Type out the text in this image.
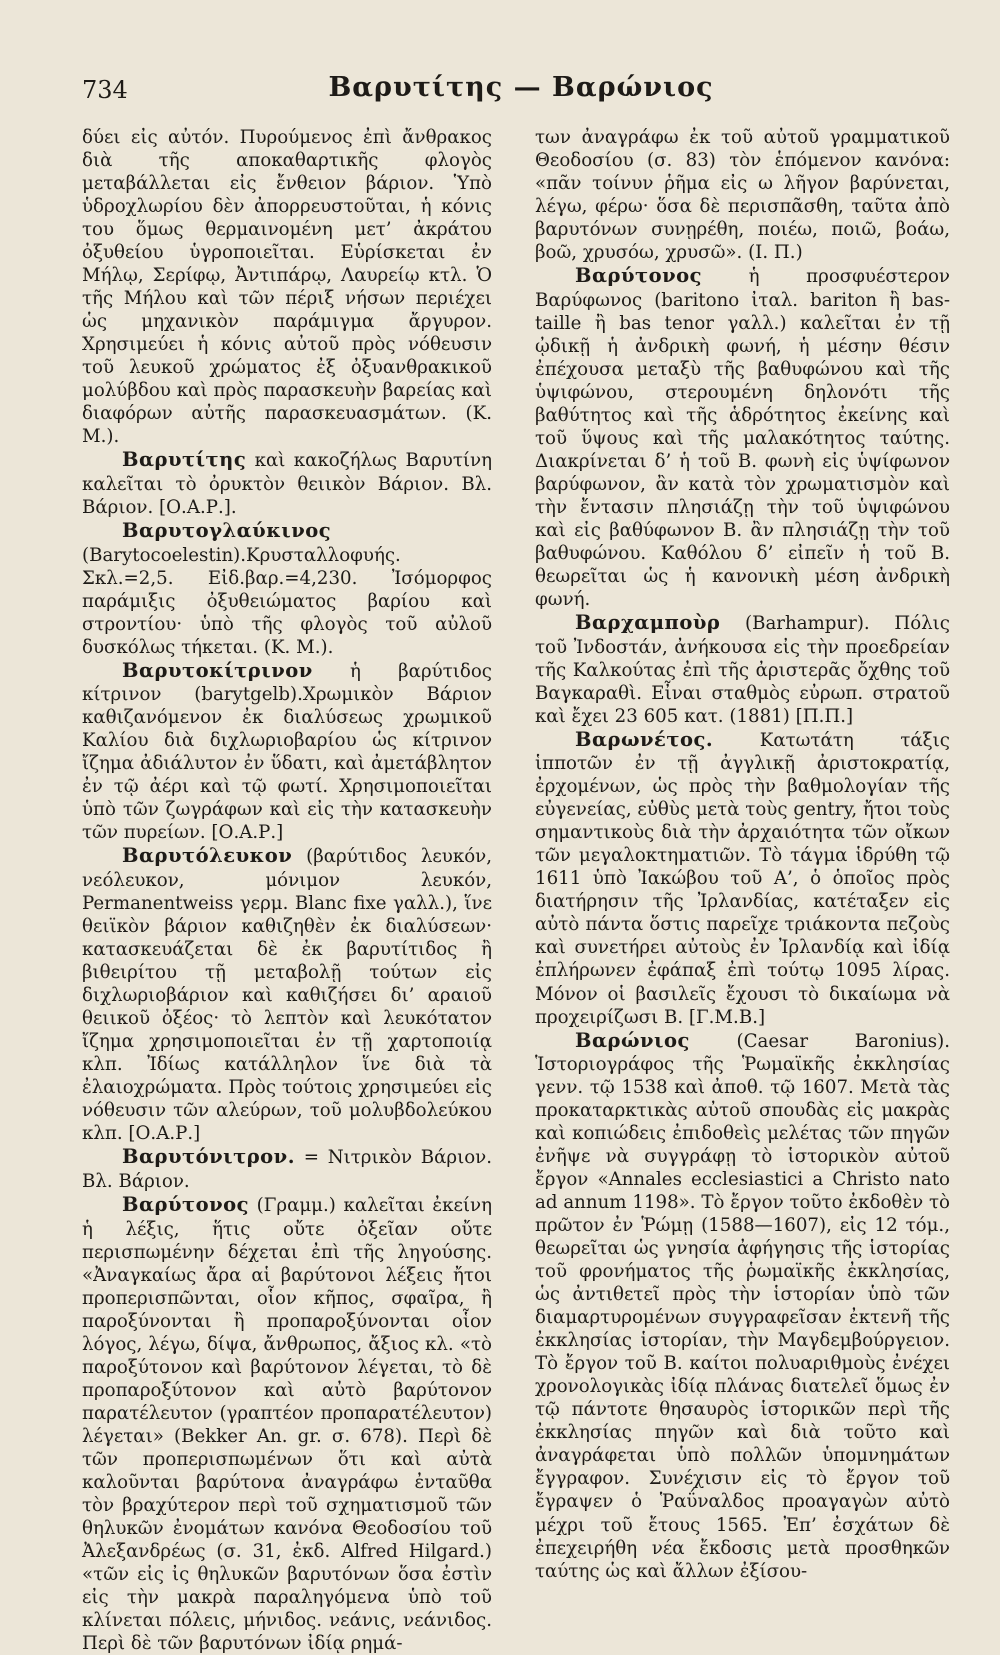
734	Βαρυτίτης — Βαρώνιος

δύει εἰς αὐτόν. Πυρούμενος ἐπὶ ἄνθρακος διὰ τῆς αποκαθαρτικῆς φλογὸς μεταβάλλεται εἰς ἔνθειον βάριον. Ὑπὸ ὑδροχλωρίου δὲν ἀπορρευστοῦται, ἡ κόνις του ὅμως θερμαινομένη μετ’ ἀκράτου ὀξυθείου ὑγροποιεῖται. Εὑρίσκεται ἐν Μήλῳ, Σερίφῳ, Ἀντιπάρῳ, Λαυρείῳ κτλ. Ὁ τῆς Μήλου καὶ τῶν πέριξ νήσων περιέχει ὡς μηχανικὸν παράμιγμα ἄργυρον. Χρησιμεύει ἡ κόνις αὐτοῦ πρὸς νόθευσιν τοῦ λευκοῦ χρώματος ἐξ ὀξυανθρακικοῦ μολύβδου καὶ πρὸς παρασκευὴν βαρείας καὶ διαφόρων αὐτῆς παρασκευασμάτων. (Κ. Μ.).

Βαρυτίτης καὶ κακοζήλως Βαρυτίνη καλεῖται τὸ ὀρυκτὸν θειικὸν Βάριον. Βλ. Βάριον. [Ο.Α.Ρ.].

Βαρυτογλαύκινος (Barytocoelestin).Κρυσταλλοφυής. Σκλ.=2,5. Εἰδ.βαρ.=4,230. Ἰσόμορφος παράμιξις ὀξυθειώματος βαρίου καὶ στροντίου· ὑπὸ τῆς φλογὸς τοῦ αὐλοῦ δυσκόλως τήκεται. (Κ. Μ.).

Βαρυτοκίτρινον ἡ βαρύτιδος κίτρινον (barytgelb).Χρωμικὸν Βάριον καθιζανόμενον ἐκ διαλύσεως χρωμικοῦ Καλίου διὰ διχλωριοβαρίου ὡς κίτρινον ἴζημα ἀδιάλυτον ἐν ὕδατι, καὶ ἀμετάβλητον ἐν τῷ ἀέρι καὶ τῷ φωτί. Χρησιμοποιεῖται ὑπὸ τῶν ζωγράφων καὶ εἰς τὴν κατασκευὴν τῶν πυρείων. [Ο.Α.Ρ.]

Βαρυτόλευκον (βαρύτιδος λευκόν, νεόλευκον, μόνιμον λευκόν, Permanentweiss γερμ. Blanc fixe γαλλ.), ἵνε θειϊκὸν βάριον καθιζηθὲν ἐκ διαλύσεων· κατασκευάζεται δὲ ἐκ βαρυτίτιδος ἢ βιθειρίτου τῇ μεταβολῇ τούτων εἰς διχλωριοβάριον καὶ καθιζήσει δι’ αραιοῦ θειικοῦ ὀξέος· τὸ λεπτὸν καὶ λευκότατον ἴζημα χρησιμοποιεῖται ἐν τῇ χαρτοποιίᾳ κλπ. Ἰδίως κατάλληλον ἵνε διὰ τὰ ἐλαιοχρώματα. Πρὸς τούτοις χρησιμεύει εἰς νόθευσιν τῶν αλεύρων, τοῦ μολυβδολεύκου κλπ. [Ο.Α.Ρ.]

Βαρυτόνιτρον. = Νιτρικὸν Βάριον. Βλ. Βάριον.

Βαρύτονος (Γραμμ.) καλεῖται ἐκείνη ἡ λέξις, ἥτις οὔτε ὀξεῖαν οὔτε περισπωμένην δέχεται ἐπὶ τῆς ληγούσης. «Ἀναγκαίως ἄρα αἱ βαρύτονοι λέξεις ἤτοι προπερισπῶνται, οἷον κῆπος, σφαῖρα, ἢ παροξύνονται ἢ προπαροξύνονται οἷον λόγος, λέγω, δίψα, ἄνθρωπος, ἄξιος κλ. «τὸ παροξύτονον καὶ βαρύτονον λέγεται, τὸ δὲ προπαροξύτονον καὶ αὐτὸ βαρύτονον παρατέλευτον (γραπτέον προπαρατέλευτον) λέγεται» (Bekker An. gr. σ. 678). Περὶ δὲ τῶν προπερισπωμένων ὅτι καὶ αὐτὰ καλοῦνται βαρύτονα ἀναγράφω ἐνταῦθα τὸν βραχύτερον περὶ τοῦ σχηματισμοῦ τῶν θηλυκῶν ἐνομάτων κανόνα Θεοδοσίου τοῦ Ἀλεξανδρέως (σ. 31, ἐκδ. Alfred Hilgard.) «τῶν εἰς ἰς θηλυκῶν βαρυτόνων ὅσα ἐστὶν εἰς τὴν μακρὰ παραληγόμενα ὑπὸ τοῦ κλίνεται πόλεις, μήνιδος. νεάνις, νεάνιδος. Περὶ δὲ τῶν βαρυτόνων ἰδίᾳ ρημά-

των ἀναγράφω ἐκ τοῦ αὐτοῦ γραμματικοῦ Θεοδοσίου (σ. 83) τὸν ἑπόμενον κανόνα: «πᾶν τοίνυν ῥῆμα εἰς ω λῆγον βαρύνεται, λέγω, φέρω· ὅσα δὲ περισπᾶσθη, ταῦτα ἀπὸ βαρυτόνων συνῃρέθη, ποιέω, ποιῶ, βοάω, βοῶ, χρυσόω, χρυσῶ». (Ι. Π.)

Βαρύτονος	ἡ προσφυέστερον Βαρύφωνος (baritono ἰταλ. bariton ἢ bas-taille ἢ bas tenor γαλλ.) καλεῖται ἐν τῇ ᾠδικῇ ἡ ἀνδρικὴ φωνή, ἡ μέσην θέσιν ἐπέχουσα μεταξὺ τῆς βαθυφώνου καὶ τῆς ὑψιφώνου, στερουμένη δηλονότι τῆς βαθύτητος καὶ τῆς ἁδρότητος ἐκείνης καὶ τοῦ ὕψους καὶ τῆς μαλακότητος ταύτης. Διακρίνεται δ’ ἡ τοῦ Β. φωνὴ εἰς ὑψίφωνον βαρύφωνον, ἂν κατὰ τὸν χρωματισμὸν καὶ τὴν ἔντασιν πλησιάζῃ τὴν τοῦ ὑψιφώνου καὶ εἰς βαθύφωνον Β. ἂν πλησιάζῃ τὴν τοῦ βαθυφώνου. Καθόλου δ’ εἰπεῖν ἡ τοῦ Β. θεωρεῖται ὡς ἡ κανονικὴ μέση ἀνδρικὴ φωνή.

Βαρχαμποὺρ (Barhampur). Πόλις τοῦ Ἰνδοστάν, ἀνήκουσα εἰς τὴν προεδρείαν τῆς Καλκούτας ἐπὶ τῆς ἀριστερᾶς ὄχθης τοῦ Βαγκαραθὶ. Εἶναι σταθμὸς εὐρωπ. στρατοῦ καὶ ἔχει 23 605 κατ. (1881) [Π.Π.]

Βαρωνέτος.	Κατωτάτη τάξις ἱπποτῶν ἐν τῇ ἀγγλικῇ ἀριστοκρατίᾳ, ἐρχομένων, ὡς πρὸς τὴν βαθμολογίαν τῆς εὐγενείας, εὐθὺς μετὰ τοὺς gentry, ἤτοι τοὺς σημαντικοὺς διὰ τὴν ἀρχαιότητα τῶν οἴκων τῶν μεγαλοκτηματιῶν. Τὸ τάγμα ἱδρύθη τῷ 1611 ὑπὸ Ἰακώβου τοῦ Α’, ὁ ὁποῖος πρὸς διατήρησιν τῆς Ἰρλανδίας, κατέταξεν εἰς αὐτὸ πάντα ὅστις παρεῖχε τριάκοντα πεζοὺς καὶ συνετήρει αὐτοὺς ἐν Ἰρλανδίᾳ καὶ ἰδίᾳ ἐπλήρωνεν ἐφάπαξ ἐπὶ τούτῳ 1095 λίρας. Μόνον οἱ βασιλεῖς ἔχουσι τὸ δικαίωμα νὰ προχειρίζωσι Β. [Γ.Μ.Β.]

Βαρώνιος	(Caesar Baronius). Ἱστοριογράφος τῆς Ῥωμαϊκῆς ἐκκλησίας γενν. τῷ 1538 καὶ ἀποθ. τῷ 1607. Μετὰ τὰς προκαταρκτικὰς αὐτοῦ σπουδὰς εἰς μακρὰς καὶ κοπιώδεις ἐπιδοθεὶς μελέτας τῶν πηγῶν ἐνῆψε νὰ συγγράφῃ τὸ ἱστορικὸν αὐτοῦ ἔργον «Annales ecclesiastici a Christo nato ad annum 1198». Τὸ ἔργον τοῦτο ἐκδοθὲν τὸ πρῶτον ἐν Ῥώμῃ (1588—1607), εἰς 12 τόμ., θεωρεῖται ὡς γνησία ἀφήγησις τῆς ἱστορίας τοῦ φρονήματος τῆς ῥωμαϊκῆς ἐκκλησίας, ὡς ἀντιθετεῖ πρὸς τὴν ἱστορίαν ὑπὸ τῶν διαμαρτυρομένων συγγραφεῖσαν ἐκτενῆ τῆς ἐκκλησίας ἱστορίαν, τὴν Μαγδεμβούργειον. Τὸ ἔργον τοῦ Β. καίτοι πολυαριθμοὺς ἐνέχει χρονολογικὰς ἰδίᾳ πλάνας διατελεῖ ὅμως ἐν τῷ πάντοτε θησαυρὸς ἱστορικῶν περὶ τῆς ἐκκλησίας πηγῶν καὶ διὰ τοῦτο καὶ ἀναγράφεται ὑπὸ πολλῶν ὑπομνημάτων ἔγγραφον. Συνέχισιν εἰς τὸ ἔργον τοῦ ἔγραψεν ὁ Ῥαΰναλδος προαγαγὼν αὐτὸ μέχρι τοῦ ἔτους 1565. Ἐπ’ ἐσχάτων δὲ ἐπεχειρήθη νέα ἔκδοσις μετὰ προσθηκῶν ταύτης ὡς καὶ ἄλλων ἐξίσου-
